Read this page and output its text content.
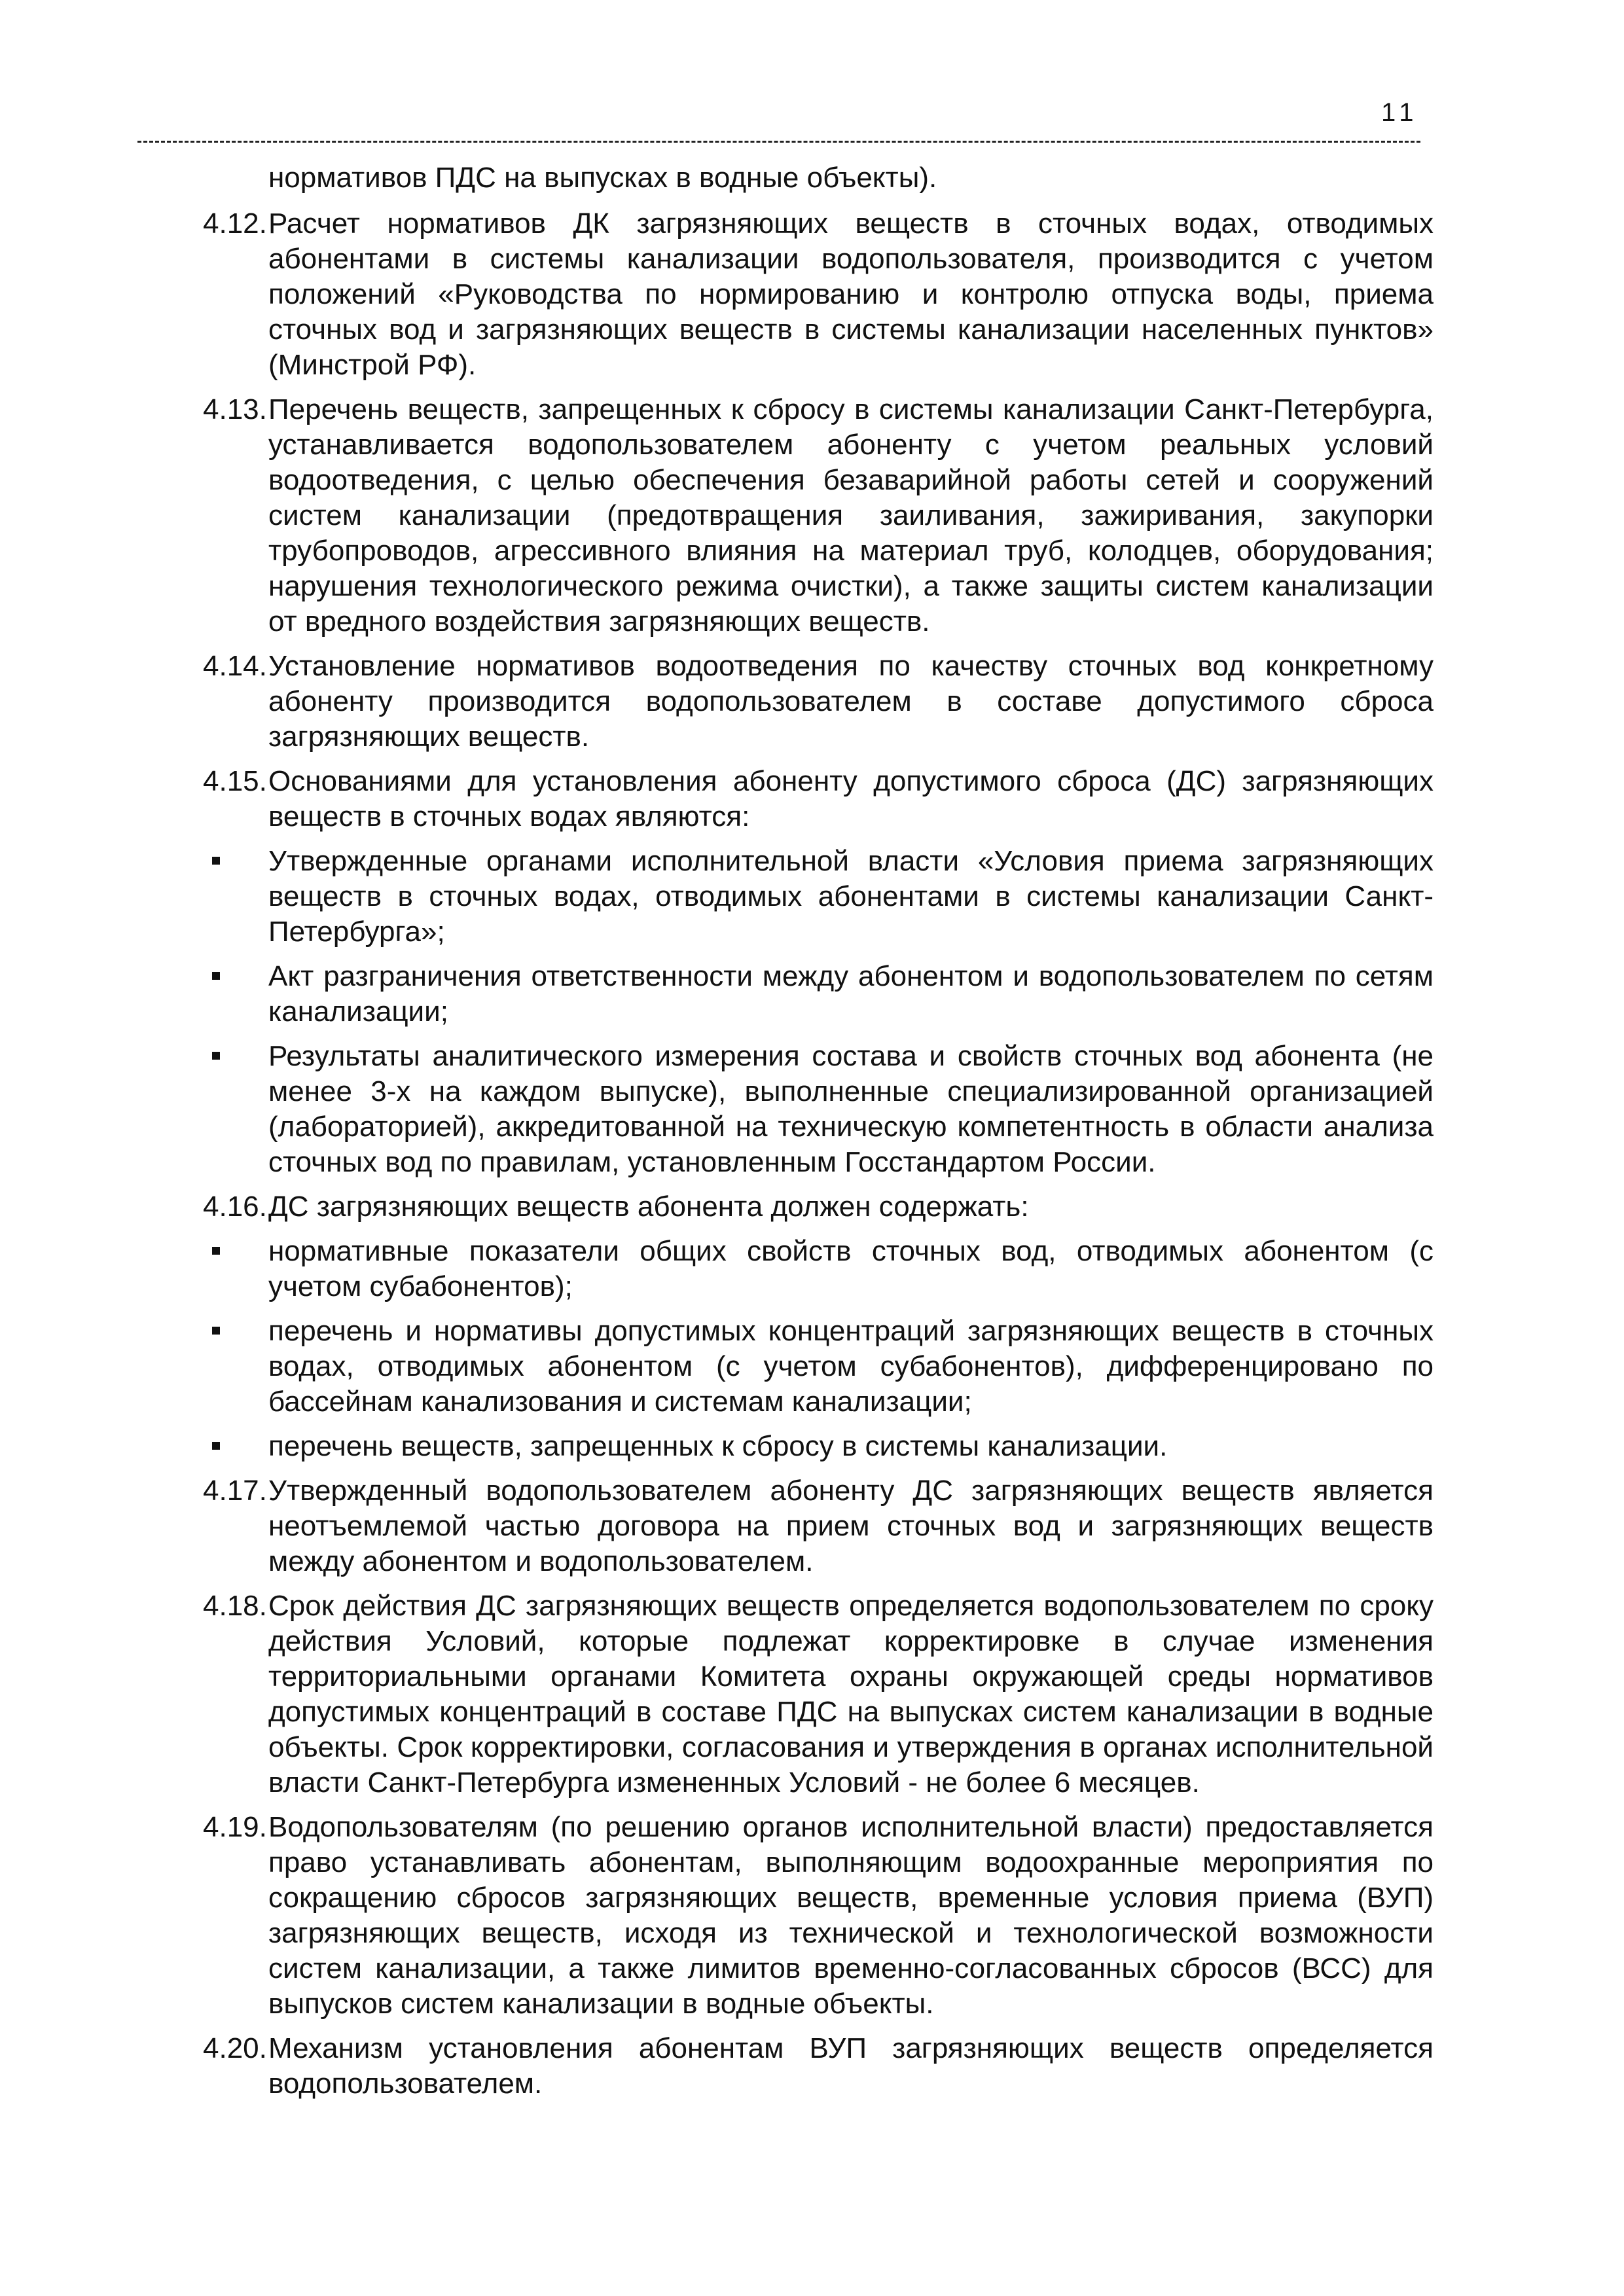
11

нормативов ПДС на выпусках в водные объекты).

4.12. Расчет нормативов ДК загрязняющих веществ в сточных водах, отводимых абонентами в системы канализации водопользователя, производится с учетом положений «Руководства по нормированию и контролю отпуска воды, приема сточных вод и загрязняющих веществ в системы канализации населенных пунктов» (Минстрой РФ).

4.13. Перечень веществ, запрещенных к сбросу в системы канализации Санкт-Петербурга, устанавливается водопользователем абоненту с учетом реальных условий водоотведения, с целью обеспечения безаварийной работы сетей и сооружений систем канализации (предотвращения заиливания, зажиривания, закупорки трубопроводов, агрессивного влияния на материал труб, колодцев, оборудования; нарушения технологического режима очистки), а также защиты систем канализации от вредного воздействия загрязняющих веществ.

4.14. Установление нормативов водоотведения по качеству сточных вод конкретному абоненту производится водопользователем в составе допустимого сброса загрязняющих веществ.

4.15. Основаниями для установления абоненту допустимого сброса (ДС) загрязняющих веществ в сточных водах являются:

Утвержденные органами исполнительной власти «Условия приема загрязняющих веществ в сточных водах, отводимых абонентами в системы канализации Санкт-Петербурга»;
Акт разграничения ответственности между абонентом и водопользователем по сетям канализации;
Результаты аналитического измерения состава и свойств сточных вод абонента (не менее 3-х на каждом выпуске), выполненные специализированной организацией (лабораторией), аккредитованной на техническую компетентность в области анализа сточных вод по правилам, установленным Госстандартом России.

4.16. ДС загрязняющих веществ абонента должен содержать:

нормативные показатели общих свойств сточных вод, отводимых абонентом (с учетом субабонентов);
перечень и нормативы допустимых концентраций загрязняющих веществ в сточных водах, отводимых абонентом (с учетом субабонентов), дифференцировано по бассейнам канализования и системам канализации;
перечень веществ, запрещенных к сбросу в системы канализации.

4.17. Утвержденный водопользователем абоненту ДС загрязняющих веществ является неотъемлемой частью договора на прием сточных вод и загрязняющих веществ между абонентом и водопользователем.

4.18. Срок действия ДС загрязняющих веществ определяется водопользователем по сроку действия Условий, которые подлежат корректировке в случае изменения территориальными органами Комитета охраны окружающей среды нормативов допустимых концентраций в составе ПДС на выпусках систем канализации в водные объекты. Срок корректировки, согласования и утверждения в органах исполнительной власти Санкт-Петербурга измененных Условий - не более 6 месяцев.

4.19. Водопользователям (по решению органов исполнительной власти) предоставляется право устанавливать абонентам, выполняющим водоохранные мероприятия по сокращению сбросов загрязняющих веществ, временные условия приема (ВУП) загрязняющих веществ, исходя из технической и технологической возможности систем канализации, а также лимитов временно-согласованных сбросов (ВСС) для выпусков систем канализации в водные объекты.

4.20. Механизм установления абонентам ВУП загрязняющих веществ определяется водопользователем.
